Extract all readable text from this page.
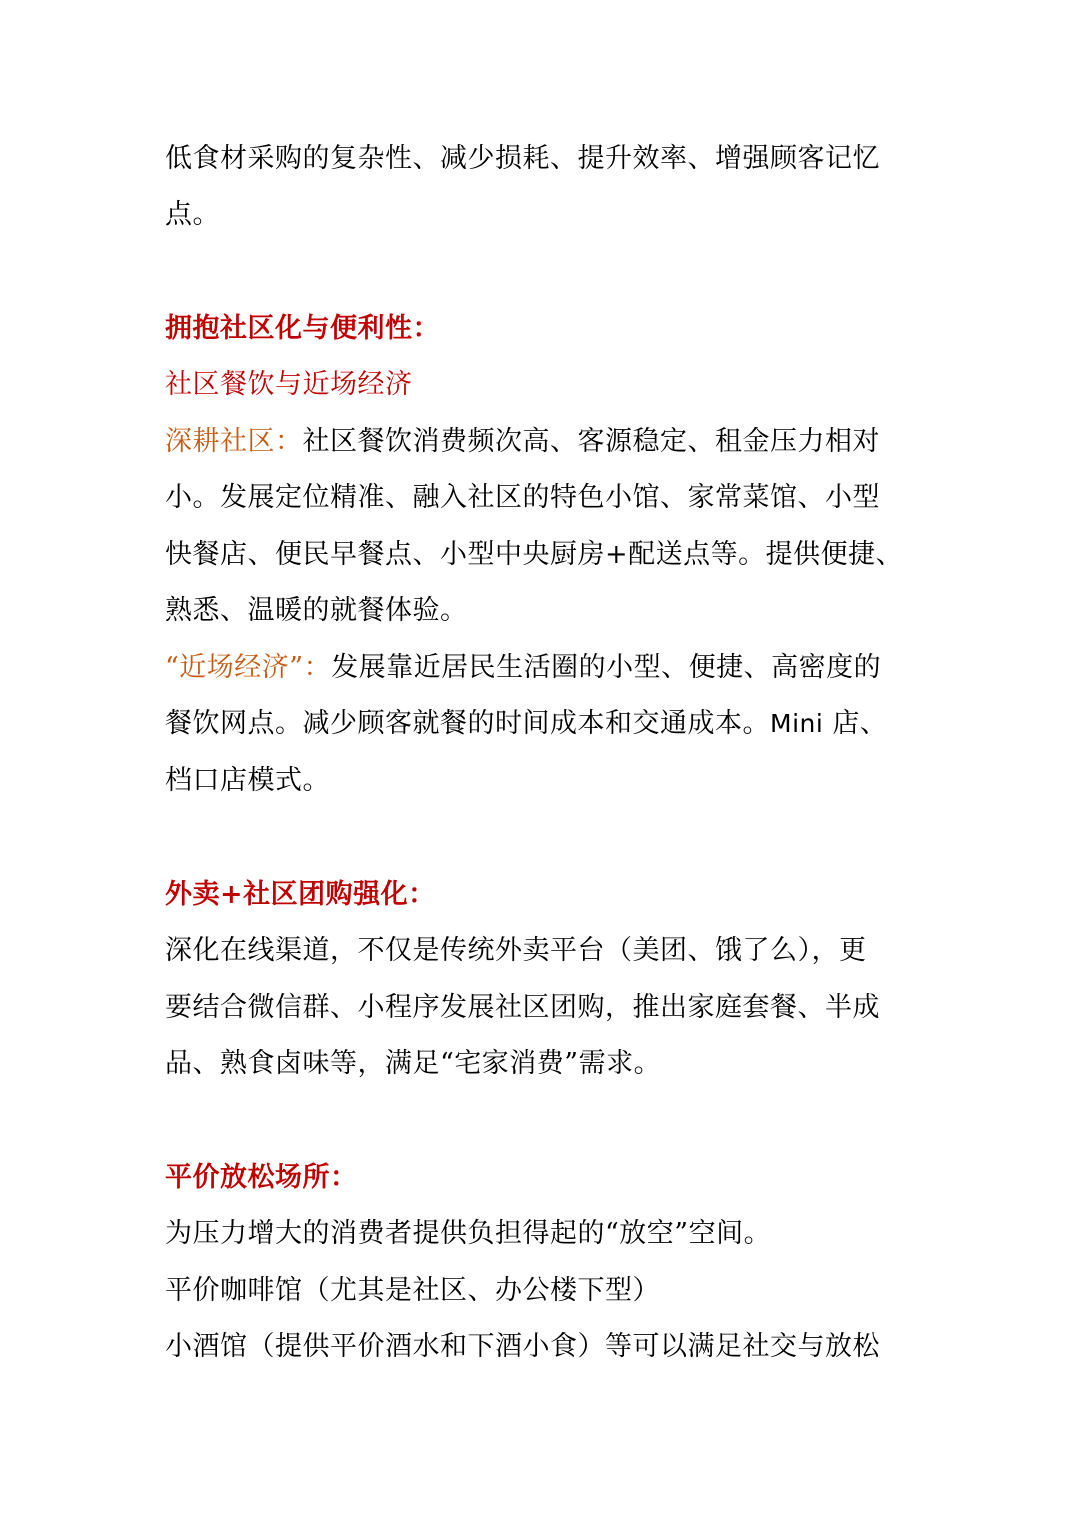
低食材采购的复杂性、减少损耗、提升效率、增强顾客记忆
点。
拥抱社区化与便利性：
社区餐饮与近场经济
深耕社区：社区餐饮消费频次高、客源稳定、租金压力相对
小。发展定位精准、融入社区的特色小馆、家常菜馆、小型
快餐店、便民早餐点、小型中央厨房+配送点等。提供便捷、
熟悉、温暖的就餐体验。
“近场经济”：发展靠近居民生活圈的小型、便捷、高密度的
餐饮网点。减少顾客就餐的时间成本和交通成本。Mini 店、
档口店模式。
外卖+社区团购强化：
深化在线渠道，不仅是传统外卖平台（美团、饿了么），更
要结合微信群、小程序发展社区团购，推出家庭套餐、半成
品、熟食卤味等，满足“宅家消费”需求。
平价放松场所：
为压力增大的消费者提供负担得起的“放空”空间。
平价咖啡馆（尤其是社区、办公楼下型）
小酒馆（提供平价酒水和下酒小食）等可以满足社交与放松
